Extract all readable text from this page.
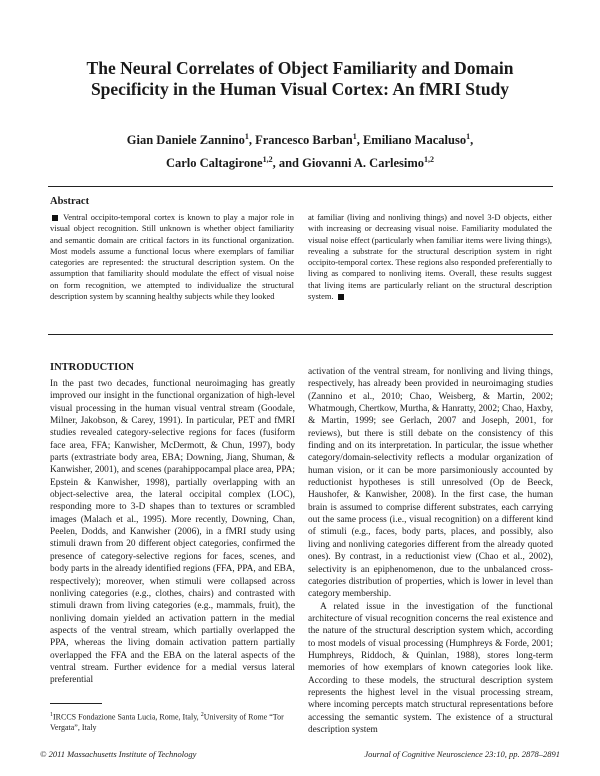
The Neural Correlates of Object Familiarity and Domain
Specificity in the Human Visual Cortex: An fMRI Study
Gian Daniele Zannino$^1$, Francesco Barban$^1$, Emiliano Macaluso$^1$,
Carlo Caltagirone$^{1,2}$, and Giovanni A. Carlesimo$^{1,2}$
Abstract
Ventral occipito-temporal cortex is known to play a major role in visual object recognition. Still unknown is whether object familiarity and semantic domain are critical factors in its functional organization. Most models assume a functional locus where exemplars of familiar categories are represented: the structural description system. On the assumption that familiarity should modulate the effect of visual noise on form recognition, we attempted to individualize the structural description system by scanning healthy subjects while they looked
at familiar (living and nonliving things) and novel 3-D objects, either with increasing or decreasing visual noise. Familiarity modulated the visual noise effect (particularly when familiar items were living things), revealing a substrate for the structural description system in right occipito-temporal cortex. These regions also responded preferentially to living as compared to nonliving items. Overall, these results suggest that living items are particularly reliant on the structural description system.
INTRODUCTION

In the past two decades, functional neuroimaging has greatly improved our insight in the functional organization of high-level visual processing in the human visual ventral stream (Goodale, Milner, Jakobson, & Carey, 1991). In particular, PET and fMRI studies revealed category-selective regions for faces (fusiform face area, FFA; Kanwisher, McDermott, & Chun, 1997), body parts (extrastriate body area, EBA; Downing, Jiang, Shuman, & Kanwisher, 2001), and scenes (parahippocampal place area, PPA; Epstein & Kanwisher, 1998), partially overlapping with an object-selective area, the lateral occipital complex (LOC), responding more to 3-D shapes than to textures or scrambled images (Malach et al., 1995). More recently, Downing, Chan, Peelen, Dodds, and Kanwisher (2006), in a fMRI study using stimuli drawn from 20 different object categories, confirmed the presence of category-selective regions for faces, scenes, and body parts in the already identified regions (FFA, PPA, and EBA, respectively); moreover, when stimuli were collapsed across nonliving categories (e.g., clothes, chairs) and contrasted with stimuli drawn from living categories (e.g., mammals, fruit), the nonliving domain yielded an activation pattern in the medial aspects of the ventral stream, which partially overlapped the PPA, whereas the living domain activation pattern partially overlapped the FFA and the EBA on the lateral aspects of the ventral stream. Further evidence for a medial versus lateral preferential

activation of the ventral stream, for nonliving and living things, respectively, has already been provided in neuroimaging studies (Zannino et al., 2010; Chao, Weisberg, & Martin, 2002; Whatmough, Chertkow, Murtha, & Hanratty, 2002; Chao, Haxby, & Martin, 1999; see Gerlach, 2007 and Joseph, 2001, for reviews), but there is still debate on the consistency of this finding and on its interpretation. In particular, the issue whether category/domain-selectivity reflects a modular organization of human vision, or it can be more parsimoniously accounted by reductionist hypotheses is still unresolved (Op de Beeck, Haushofer, & Kanwisher, 2008). In the first case, the human brain is assumed to comprise different substrates, each carrying out the same process (i.e., visual recognition) on a different kind of stimuli (e.g., faces, body parts, places, and possibly, also living and nonliving categories different from the already quoted ones). By contrast, in a reductionist view (Chao et al., 2002), selectivity is an epiphenomenon, due to the unbalanced cross-categories distribution of properties, which is lower in level than category membership.

A related issue in the investigation of the functional architecture of visual recognition concerns the real existence and the nature of the structural description system which, according to most models of visual processing (Humphreys & Forde, 2001; Humphreys, Riddoch, & Quinlan, 1988), stores long-term memories of how exemplars of known categories look like. According to these models, the structural description system represents the highest level in the visual processing stream, where incoming percepts match structural representations before accessing the semantic system. The existence of a structural description system

$^1$IRCCS Fondazione Santa Lucia, Rome, Italy, $^2$University of Rome “Tor Vergata”, Italy
© 2011 Massachusetts Institute of Technology	Journal of Cognitive Neuroscience 23:10, pp. 2878–2891
